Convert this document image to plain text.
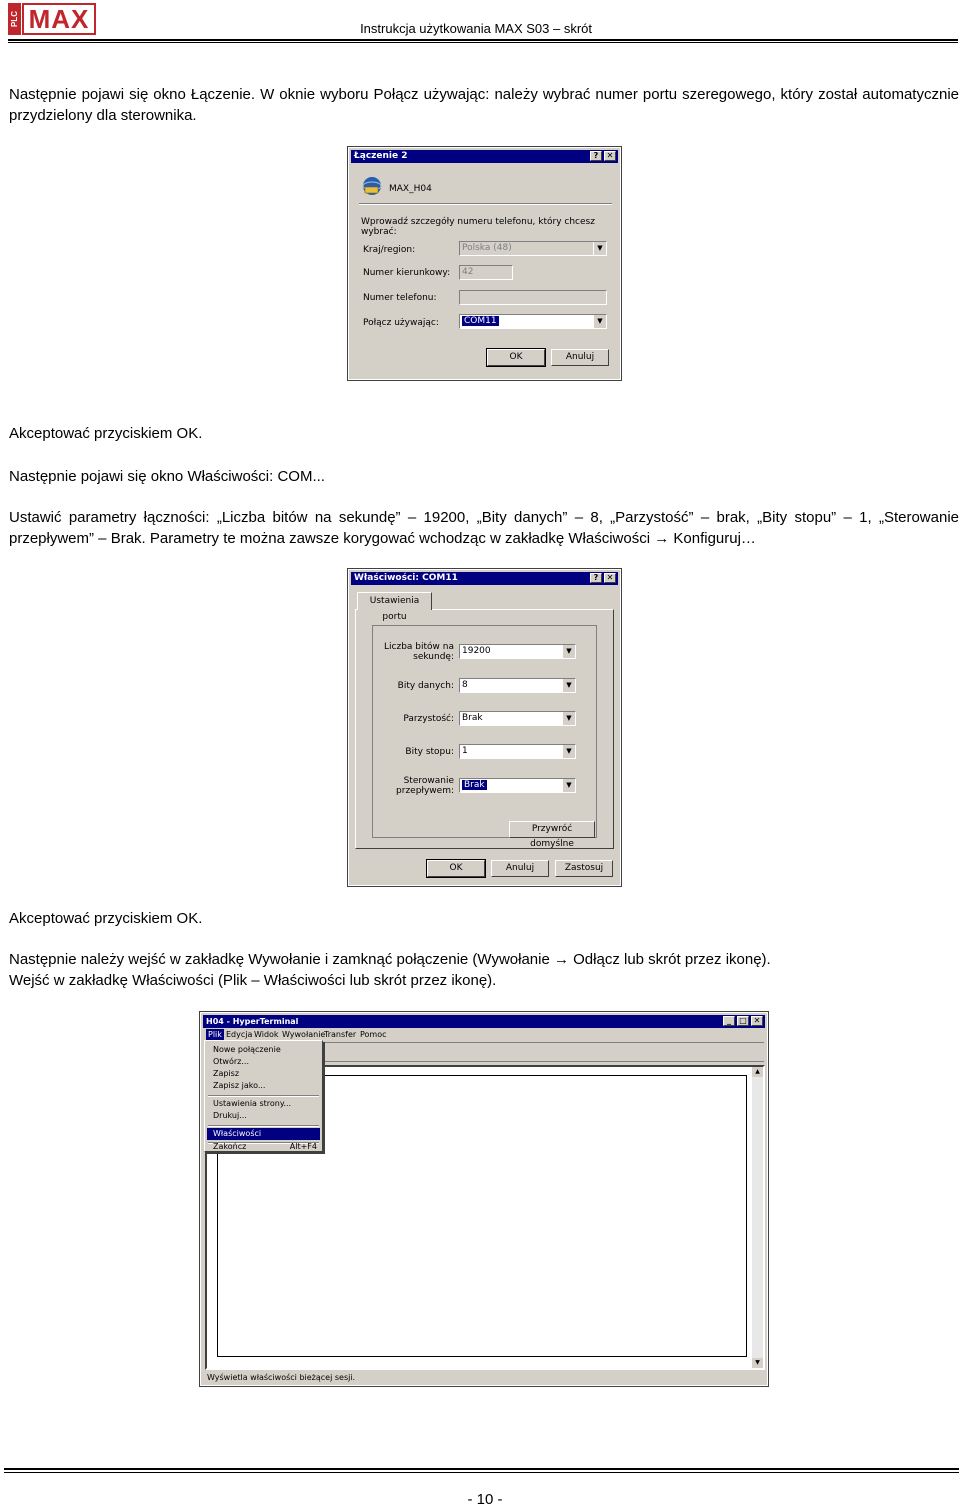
PLC MAX	Instrukcja użytkowania MAX S03 – skrót
Następnie pojawi się okno Łączenie. W oknie wyboru Połącz używając: należy wybrać numer portu szeregowego, który został automatycznie przydzielony dla sterownika.
Łączenie 2	?	✕
MAX_H04
Wprowadź szczegóły numeru telefonu, który chcesz wybrać:
Kraj/region:	Polska (48)	▼
Numer kierunkowy:	42
Numer telefonu:
Połącz używając:	COM11	▼
OK	Anuluj
Akceptować przyciskiem OK.
Następnie pojawi się okno Właściwości: COM...
Ustawić parametry łączności: „Liczba bitów na sekundę” – 19200, „Bity danych” – 8, „Parzystość” – brak, „Bity stopu” – 1, „Sterowanie przepływem” – Brak. Parametry te można zawsze korygować wchodząc w zakładkę Właściwości → Konfiguruj…
Właściwości: COM11	?	✕
Ustawienia portu
Liczba bitów na sekundę:
19200	▼
Bity danych: 8	▼
Parzystość: Brak	▼
Bity stopu: 1	▼
Sterowanie przepływem:
Brak	▼
Przywróć domyślne
OK	Anuluj	Zastosuj
Akceptować przyciskiem OK.
Następnie należy wejść w zakładkę Wywołanie i zamknąć połączenie (Wywołanie → Odłącz lub skrót przez ikonę).
Wejść w zakładkę Właściwości (Plik – Właściwości lub skrót przez ikonę).
H04 - HyperTerminal	_	□ ✕
Plik Edycja Widok Wywołanie
Transfer Pomoc
▲
▼
Wyświetla właściwości bieżącej sesji.
Nowe połączenie
Otwórz...
Zapisz
Zapisz jako...
Ustawienia strony...
Drukuj...
Właściwości
Zakończ	Alt+F4
- 10 -
